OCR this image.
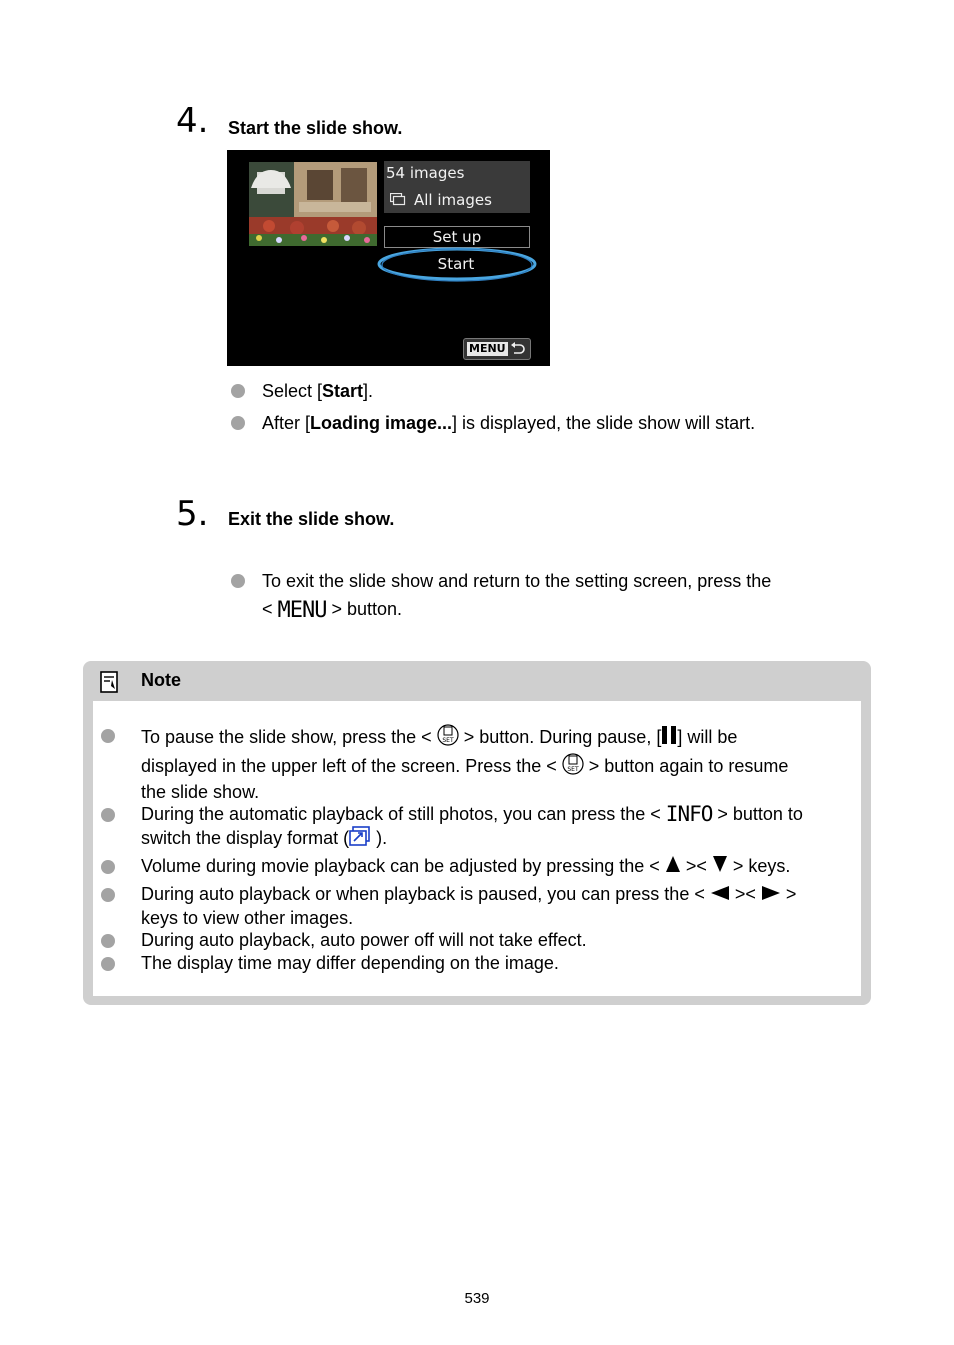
4. Start the slide show.
54 images
All images
Set up
Start
MENU
Select [Start].
After [Loading image...] is displayed, the slide show will start.
5. Exit the slide show.
To exit the slide show and return to the setting screen, press the
< MENU > button.
Note
To pause the slide show, press the < SET > button. During pause, [ ] will be
displayed in the upper left of the screen. Press the < SET > button again to resume
the slide show.
During the automatic playback of still photos, you can press the < INFO > button to
switch the display format ( ).
Volume during movie playback can be adjusted by pressing the <  ><  > keys.
During auto playback or when playback is paused, you can press the <  ><  >
keys to view other images.
During auto playback, auto power off will not take effect.
The display time may differ depending on the image.
539
